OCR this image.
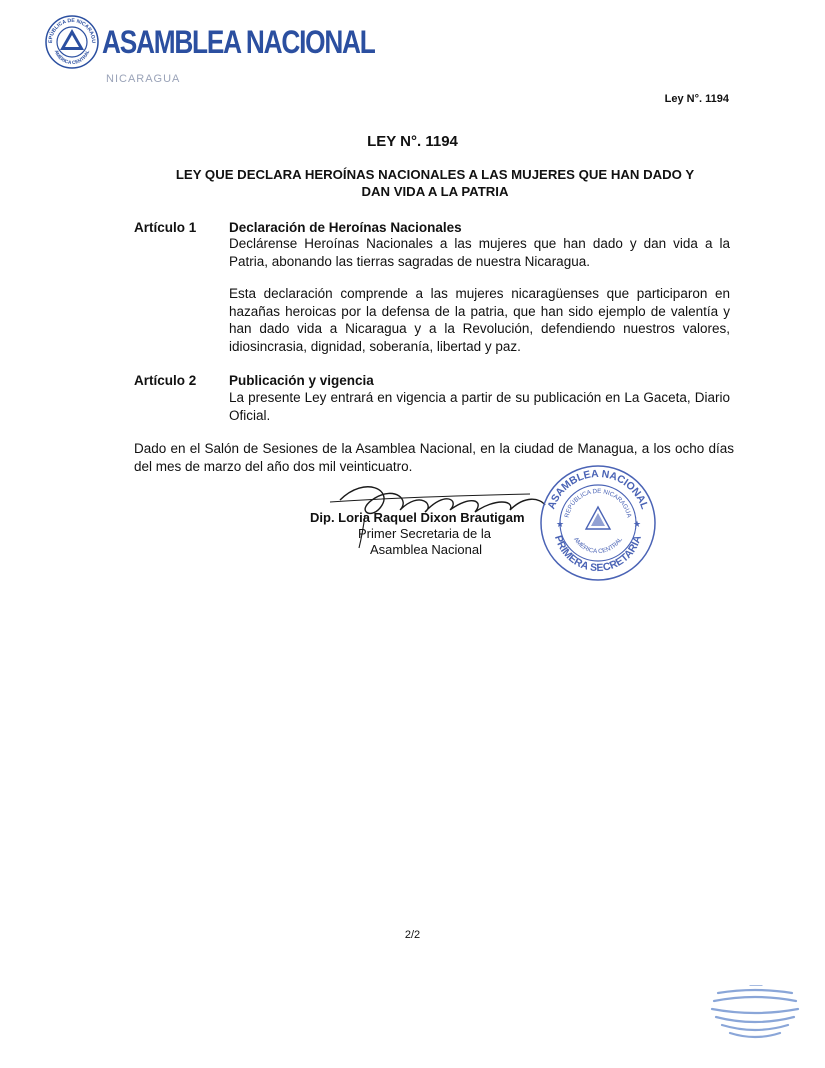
EPÚBLICA DE NICARAGU
AMÉRICA CENTRAL ASAMBLEA NACIONAL
NICARAGUA
Ley N°. 1194
LEY N°. 1194
LEY QUE DECLARA HEROÍNAS NACIONALES A LAS MUJERES QUE HAN DADO Y
DAN VIDA A LA PATRIA
Artículo 1 Declaración de Heroínas Nacionales
Declárense Heroínas Nacionales a las mujeres que han dado y dan vida a la Patria, abonando las tierras sagradas de nuestra Nicaragua.
Esta declaración comprende a las mujeres nicaragüenses que participaron en hazañas heroicas por la defensa de la patria, que han sido ejemplo de valentía y han dado vida a Nicaragua y a la Revolución, defendiendo nuestros valores, idiosincrasia, dignidad, soberanía, libertad y paz.
Artículo 2 Publicación y vigencia
La presente Ley entrará en vigencia a partir de su publicación en La Gaceta, Diario Oficial.
Dado en el Salón de Sesiones de la Asamblea Nacional, en la ciudad de Managua, a los ocho días del mes de marzo del año dos mil veinticuatro.
Dip. Loria Raquel Dixon Brautigam
Primer Secretaria de la
Asamblea Nacional
★	★
ASAMBLEA NACIONAL
PRIMERA SECRETARIA
REPÚBLICA DE NICARAGUA
AMÉRICA CENTRAL
2/2
